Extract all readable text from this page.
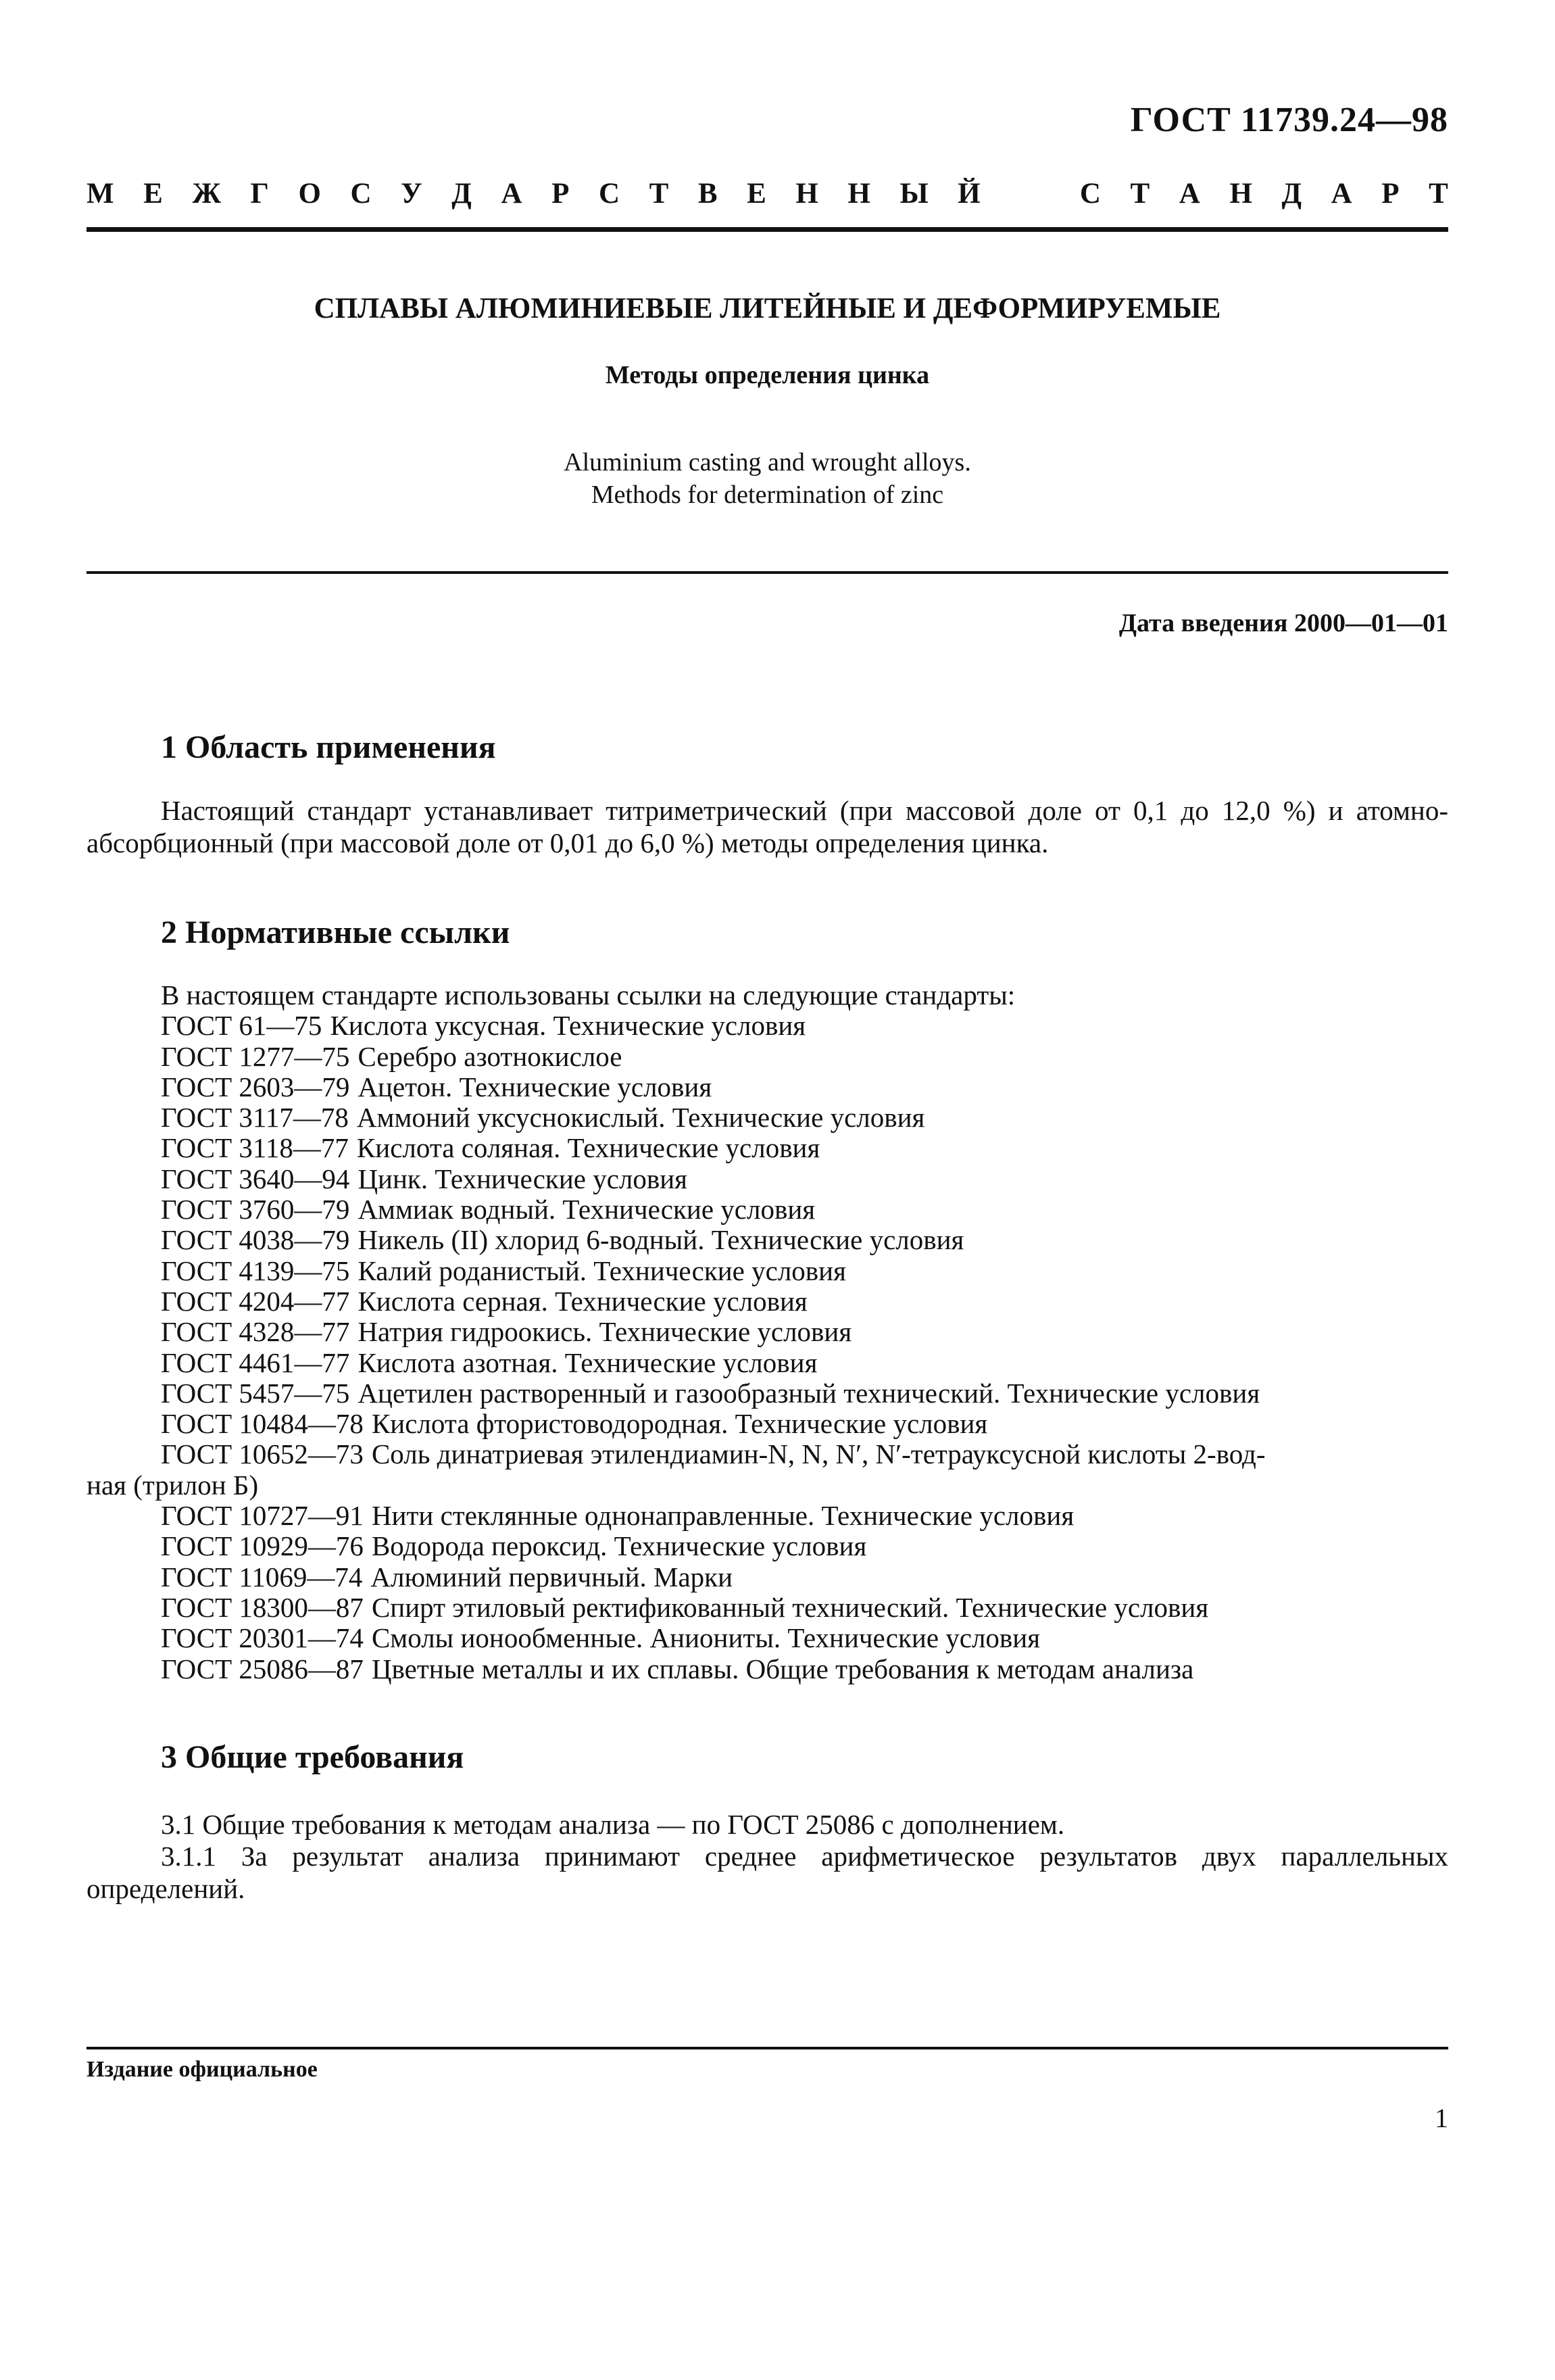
ГОСТ 11739.24—98
М Е Ж Г О С У Д А Р С Т В Е Н Н Ы Й	С Т А Н Д А Р Т
СПЛАВЫ АЛЮМИНИЕВЫЕ ЛИТЕЙНЫЕ И ДЕФОРМИРУЕМЫЕ
Методы определения цинка
Aluminium casting and wrought alloys.
Methods for determination of zinc
Дата введения 2000—01—01
1 Область применения
Настоящий стандарт устанавливает титриметрический (при массовой доле от 0,1 до 12,0 %) и атомно-абсорбционный (при массовой доле от 0,01 до 6,0 %) методы определения цинка.
2 Нормативные ссылки
В настоящем стандарте использованы ссылки на следующие стандарты:
ГОСТ 61—75 Кислота уксусная. Технические условия
ГОСТ 1277—75 Серебро азотнокислое
ГОСТ 2603—79 Ацетон. Технические условия
ГОСТ 3117—78 Аммоний уксуснокислый. Технические условия
ГОСТ 3118—77 Кислота соляная. Технические условия
ГОСТ 3640—94 Цинк. Технические условия
ГОСТ 3760—79 Аммиак водный. Технические условия
ГОСТ 4038—79 Никель (II) хлорид 6-водный. Технические условия
ГОСТ 4139—75 Калий роданистый. Технические условия
ГОСТ 4204—77 Кислота серная. Технические условия
ГОСТ 4328—77 Натрия гидроокись. Технические условия
ГОСТ 4461—77 Кислота азотная. Технические условия
ГОСТ 5457—75 Ацетилен растворенный и газообразный технический. Технические условия
ГОСТ 10484—78 Кислота фтористоводородная. Технические условия
ГОСТ 10652—73 Соль динатриевая этилендиамин-N, N, N′, N′-тетрауксусной кислоты 2-вод-
ная (трилон Б)
ГОСТ 10727—91 Нити стеклянные однонаправленные. Технические условия
ГОСТ 10929—76 Водорода пероксид. Технические условия
ГОСТ 11069—74 Алюминий первичный. Марки
ГОСТ 18300—87 Спирт этиловый ректификованный технический. Технические условия
ГОСТ 20301—74 Смолы ионообменные. Аниониты. Технические условия
ГОСТ 25086—87 Цветные металлы и их сплавы. Общие требования к методам анализа
3 Общие требования
3.1 Общие требования к методам анализа — по ГОСТ 25086 с дополнением.
3.1.1 За результат анализа принимают среднее арифметическое результатов двух параллельных определений.
Издание официальное
1
